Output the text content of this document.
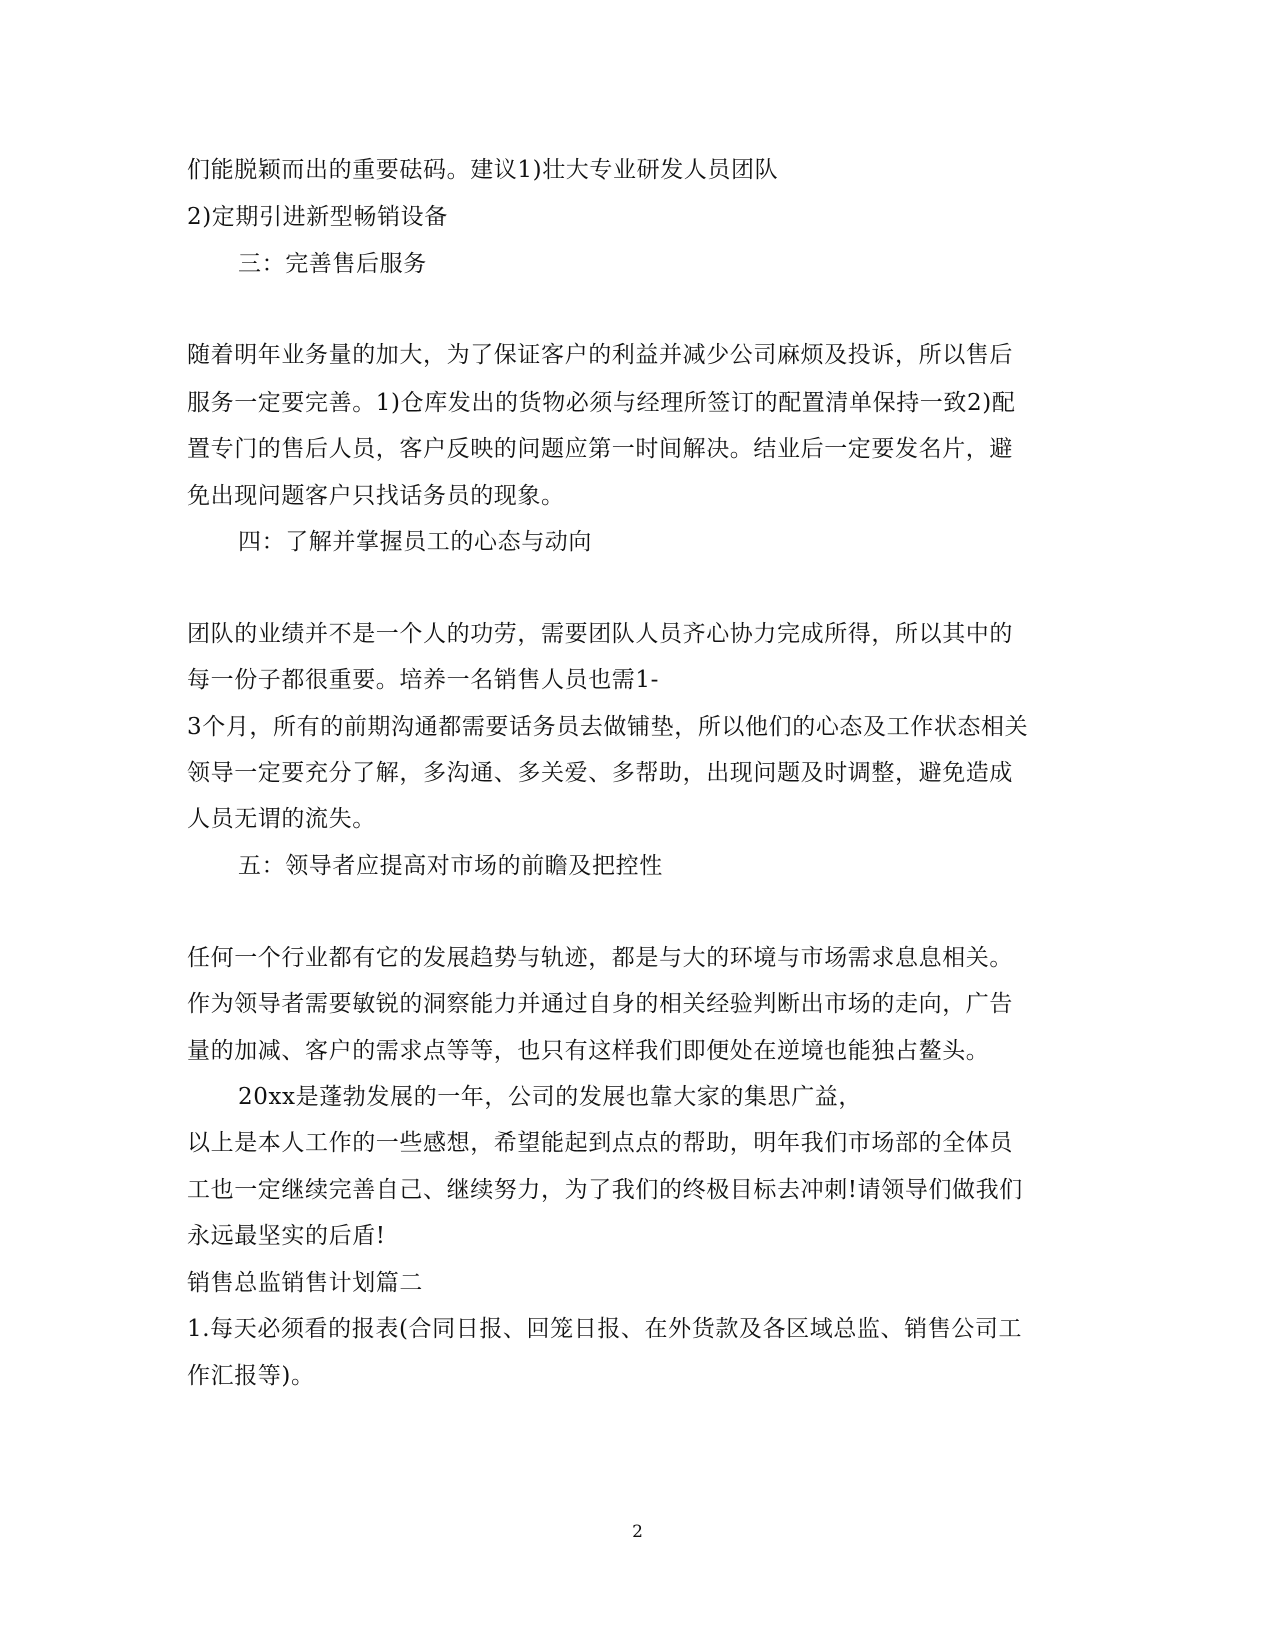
们能脱颖而出的重要砝码。建议1)壮大专业研发人员团队
2)定期引进新型畅销设备
三：完善售后服务
随着明年业务量的加大，为了保证客户的利益并减少公司麻烦及投诉，所以售后
服务一定要完善。1)仓库发出的货物必须与经理所签订的配置清单保持一致2)配
置专门的售后人员，客户反映的问题应第一时间解决。结业后一定要发名片，避
免出现问题客户只找话务员的现象。
四：了解并掌握员工的心态与动向
团队的业绩并不是一个人的功劳，需要团队人员齐心协力完成所得，所以其中的
每一份子都很重要。培养一名销售人员也需1-
3个月，所有的前期沟通都需要话务员去做铺垫，所以他们的心态及工作状态相关
领导一定要充分了解，多沟通、多关爱、多帮助，出现问题及时调整，避免造成
人员无谓的流失。
五：领导者应提高对市场的前瞻及把控性
任何一个行业都有它的发展趋势与轨迹，都是与大的环境与市场需求息息相关。
作为领导者需要敏锐的洞察能力并通过自身的相关经验判断出市场的走向，广告
量的加减、客户的需求点等等，也只有这样我们即便处在逆境也能独占鳌头。
20xx是蓬勃发展的一年，公司的发展也靠大家的集思广益，
以上是本人工作的一些感想，希望能起到点点的帮助，明年我们市场部的全体员
工也一定继续完善自己、继续努力，为了我们的终极目标去冲刺!请领导们做我们
永远最坚实的后盾!
销售总监销售计划篇二
1.每天必须看的报表(合同日报、回笼日报、在外货款及各区域总监、销售公司工
作汇报等)。
2
